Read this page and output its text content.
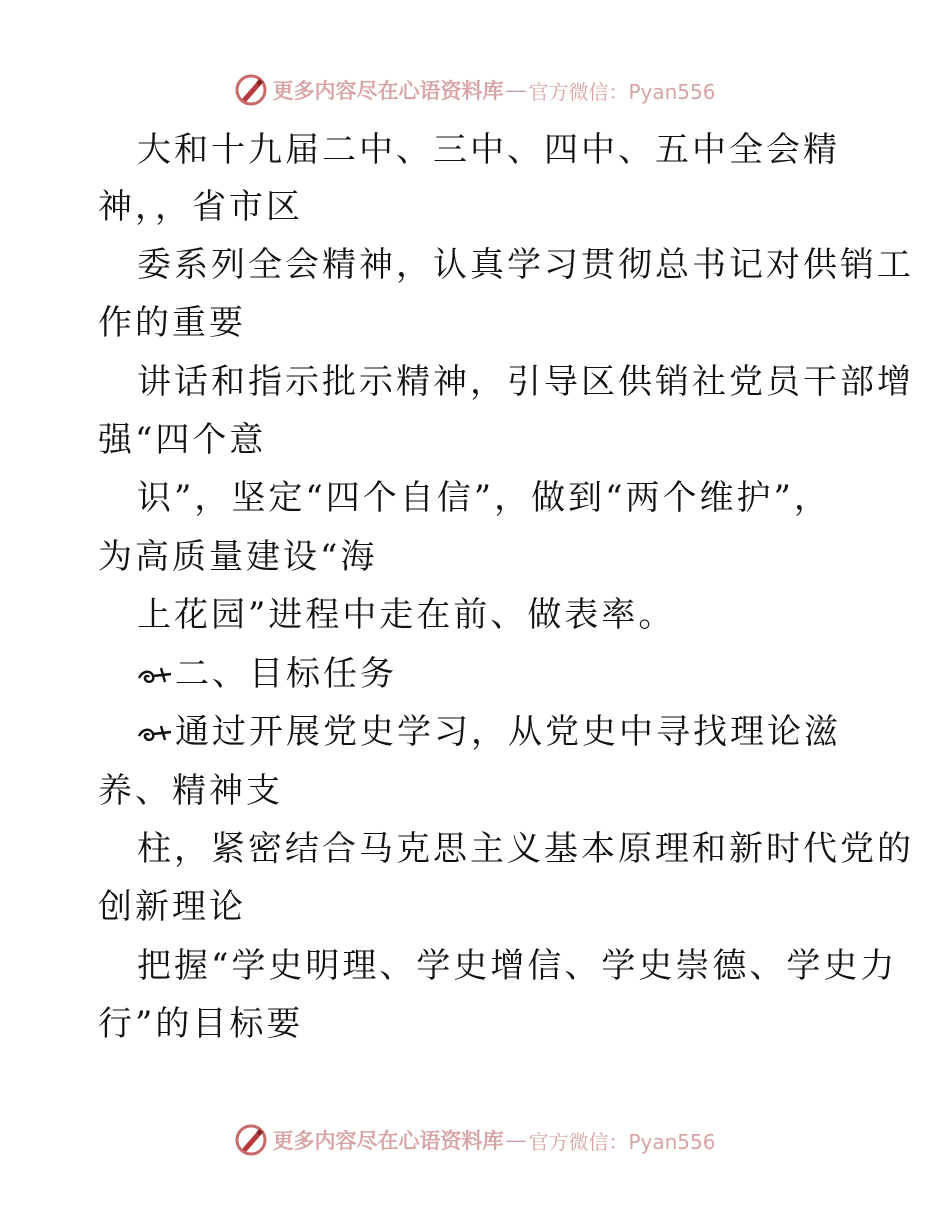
更多内容尽在心语资料库 — 官方微信：Pyan556
大和十九届二中、三中、四中、五中全会精
神，，省市区
委系列全会精神，认真学习贯彻总书记对供销工
作的重要
讲话和指示批示精神，引导区供销社党员干部增
强“四个意
识”，坚定“四个自信”，做到“两个维护”，
为高质量建设“海
上花园”进程中走在前、做表率。
二、目标任务
通过开展党史学习，从党史中寻找理论滋
养、精神支
柱，紧密结合马克思主义基本原理和新时代党的
创新理论
把握“学史明理、学史增信、学史崇德、学史力
行”的目标要
更多内容尽在心语资料库 — 官方微信：Pyan556
